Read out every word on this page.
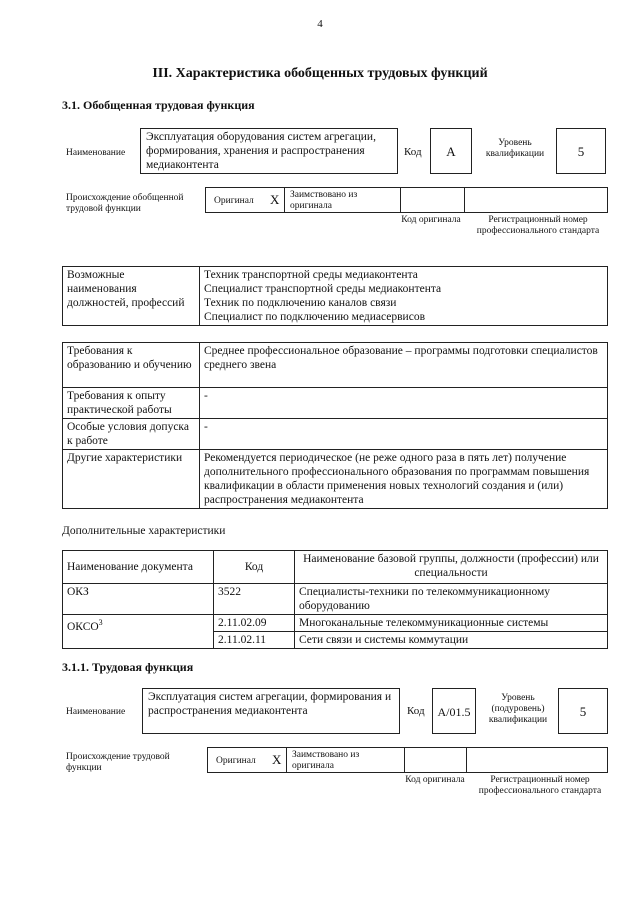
4
III. Характеристика обобщенных трудовых функций
3.1. Обобщенная трудовая функция
Наименование
Эксплуатация оборудования систем агрегации, формирования, хранения и распространения медиаконтента
Код	А
Уровень квалификации	5
Происхождение обобщенной трудовой функции
Оригинал Х Заимствовано из оригинала
Код оригинала	Регистрационный номер профессионального стандарта
Возможные наименования должностей, профессий	
Техник транспортной среды медиаконтента
Специалист транспортной среды медиаконтента
Техник по подключению каналов связи
Специалист по подключению медиасервисов
Требования к образованию и обучению	Среднее профессиональное образование – программы подготовки специалистов среднего звена
Требования к опыту практической работы	-
Особые условия допуска к работе	-
Другие характеристики	Рекомендуется периодическое (не реже одного раза в пять лет) получение дополнительного профессионального образования по программам повышения квалификации в области применения новых технологий создания и (или) распространения медиаконтента
Дополнительные характеристики
Наименование документа	Код	Наименование базовой группы, должности (профессии) или специальности
ОКЗ	3522	Специалисты-техники по телекоммуникационному оборудованию
ОКСО$^3$	2.11.02.09	Многоканальные телекоммуникационные системы
	2.11.02.11	Сети связи и системы коммутации
3.1.1. Трудовая функция
Наименование
Эксплуатация систем агрегации, формирования и распространения медиаконтента	Код	А/01.5
Уровень (подуровень) квалификации
5
Происхождение трудовой функции
Оригинал Х Заимствовано из оригинала
Код оригинала	Регистрационный номер профессионального стандарта
